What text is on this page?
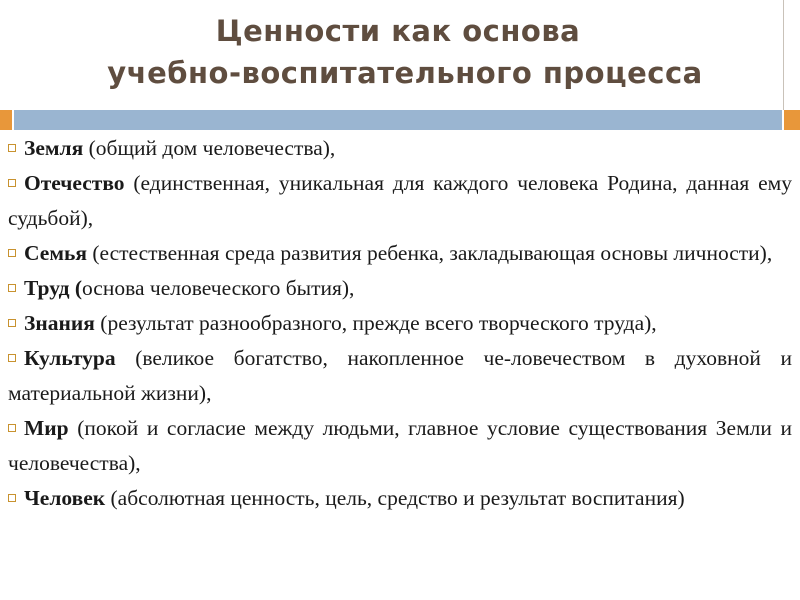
Ценности как основа
учебно-воспитательного процесса

Земля (общий дом человечества),

Отечество (единственная, уникальная для каждого человека Родина, данная ему судьбой),

Семья (естественная среда развития ребенка, закладывающая основы личности),

Труд (основа человеческого бытия),

Знания (результат разнообразного, прежде всего творческого труда),

Культура (великое богатство, накопленное че-ловечеством в духовной и материальной жизни),

Мир (покой и согласие между людьми, главное условие существования Земли и человечества),

Человек (абсолютная ценность, цель, средство и результат воспитания)
